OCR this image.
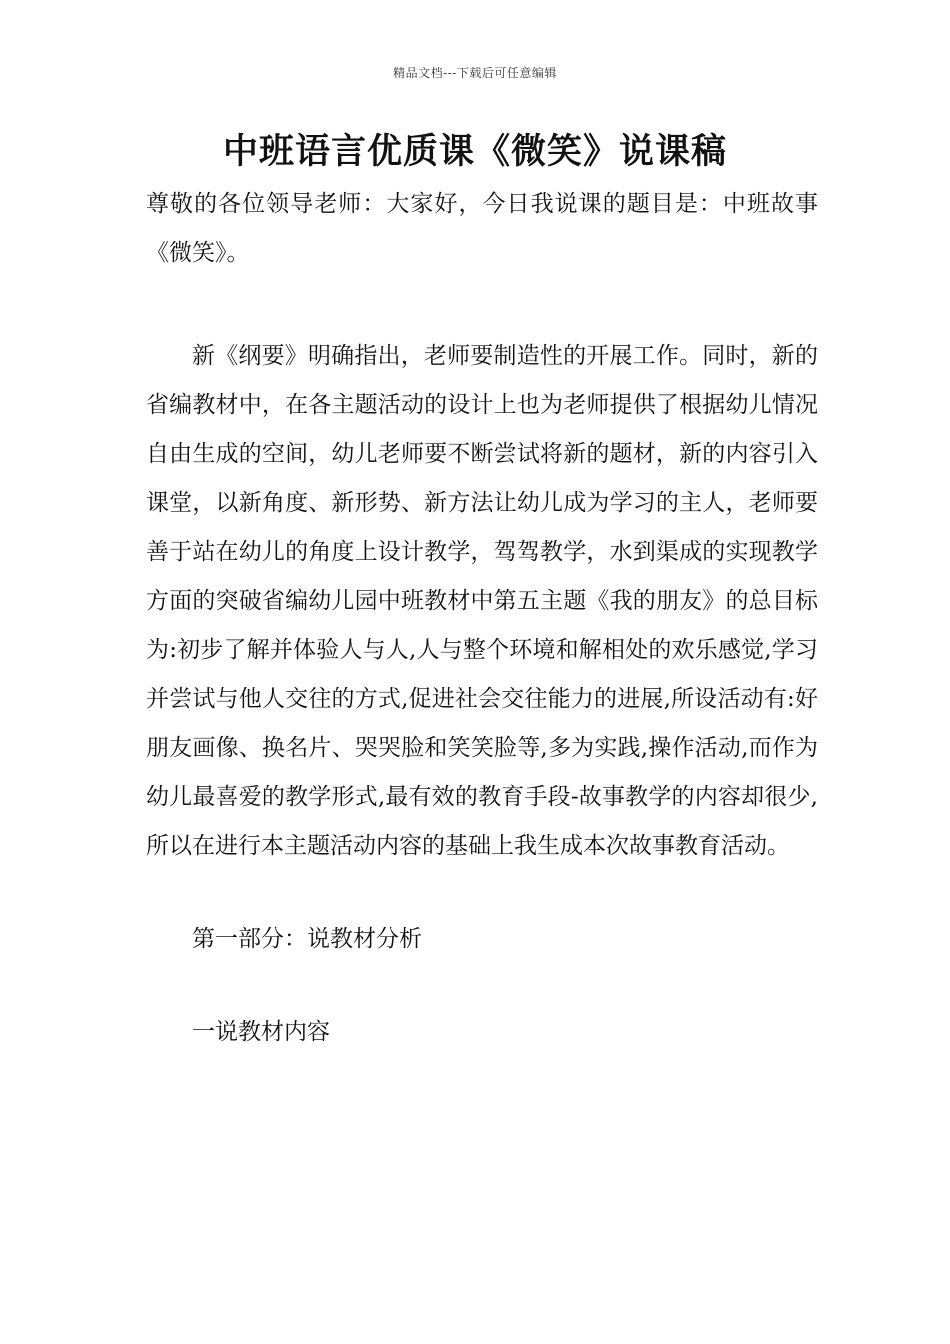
精品文档---下载后可任意编辑
中班语言优质课《微笑》说课稿

尊敬的各位领导老师：大家好，今日我说课的题目是：中班故事《微笑》。

新《纲要》明确指出，老师要制造性的开展工作。同时，新的省编教材中，在各主题活动的设计上也为老师提供了根据幼儿情况自由生成的空间，幼儿老师要不断尝试将新的题材，新的内容引入课堂，以新角度、新形势、新方法让幼儿成为学习的主人，老师要善于站在幼儿的角度上设计教学，驾驾教学，水到渠成的实现教学方面的突破省编幼儿园中班教材中第五主题《我的朋友》的总目标为:初步了解并体验人与人,人与整个环境和解相处的欢乐感觉,学习并尝试与他人交往的方式,促进社会交往能力的进展,所设活动有:好朋友画像、换名片、哭哭脸和笑笑脸等,多为实践,操作活动,而作为幼儿最喜爱的教学形式,最有效的教育手段-故事教学的内容却很少,所以在进行本主题活动内容的基础上我生成本次故事教育活动。

第一部分：说教材分析

一说教材内容
